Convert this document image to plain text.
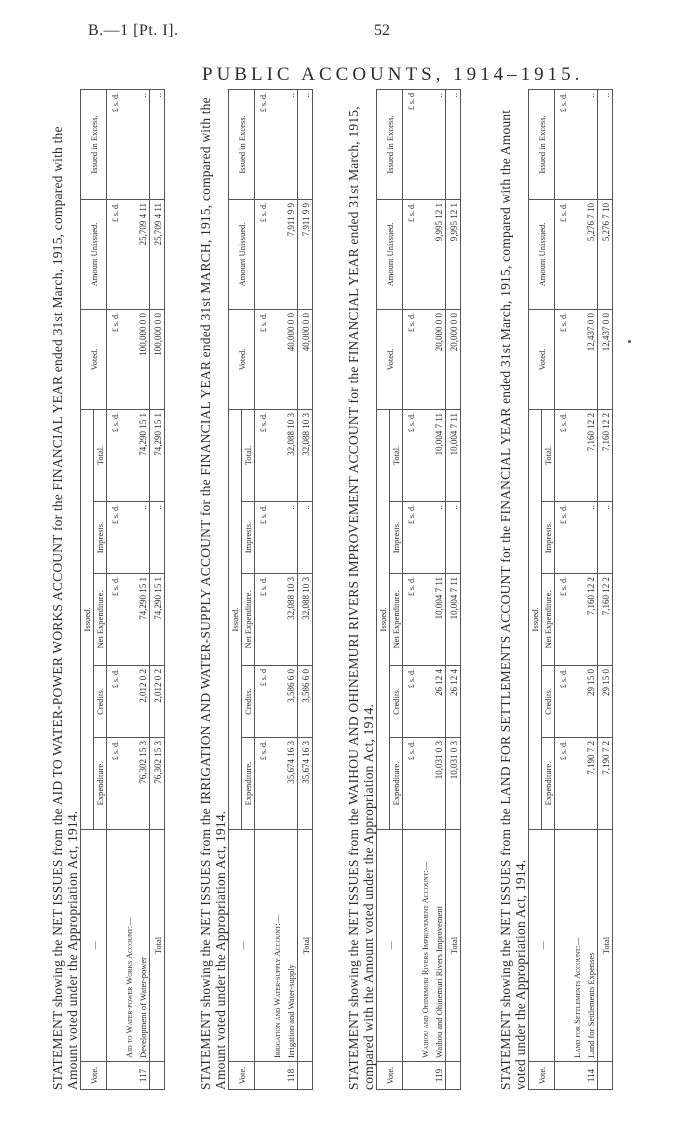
B.—1 [Pt. I].	52
PUBLIC ACCOUNTS, 1914–1915.
STATEMENT showing the NET ISSUES from the AID TO WATER-POWER WORKS ACCOUNT for the FINANCIAL YEAR ended 31st March, 1915, compared with the Amount voted under the Appropriation Act, 1914. Vote.	—	Issued.					Voted.	Amount Unissued.	Issued in Excess.
		Expenditure.	Credits.	Net Expenditure.	Imprests.	Total.			
		£ s. d.	£ s. d.	£ s. d.	£ s. d.	£ s. d.	£ s. d.	£ s. d.	£ s. d.
	Aid to Water-power Works Account:—								
117	Development of Water-power	76,302 15 3	2,012 0 2	74,290 15 1	..	74,290 15 1	100,000 0 0	25,709 4 11	..
	Total	76,302 15 3	2,012 0 2	74,290 15 1	..	74,290 15 1	100,000 0 0	25,709 4 11	..
STATEMENT showing the NET ISSUES from the IRRIGATION AND WATER-SUPPLY ACCOUNT for the FINANCIAL YEAR ended 31st MARCH, 1915, compared with the Amount voted under the Appropriation Act, 1914. Vote.	—	Issued.					Voted.	Amount Unissued.	Issued in Excess.
		Expenditure.	Credits.	Net Expenditure.	Imprests.	Total.			
		£ s. d.	£ s. d	£ s. d.	£ s. d.	£ s. d.	£ s. d.	£ s. d.	£ s. d.
	Irrigation and Water-supply Account:—								
118	Irrigation and Water-supply	35,674 16 3	3,586 6 0	32,088 10 3	..	32,088 10 3	40,000 0 0	7,911 9 9	..
	Total	35,674 16 3	3,586 6 0	32,088 10 3	..	32,088 10 3	40,000 0 0	7,911 9 9	..
STATEMENT showing the NET ISSUES from the WAIHOU AND OHINEMURI RIVERS IMPROVEMENT ACCOUNT for the FINANCIAL YEAR ended 31st March, 1915, compared with the Amount voted under the Appropriation Act, 1914. Vote.	—	Issued.					Voted.	Amount Unissued.	Issued in Excess.
		Expenditure.	Credits.	Net Expenditure.	Imprests.	Total.			
		£ s. d.	£ s. d.	£ s. d.	£ s. d.	£ s. d.	£ s. d.	£ s. d.	£ s. d
	Waihou and Ohinemuri Rivers Improvement Account:—								
119	Waihou and Ohinemuri Rivers Improvement	10,031 0 3	26 12 4	10,004 7 11	..	10,004 7 11	20,000 0 0	9,995 12 1	..
	Total	10,031 0 3	26 12 4	10,004 7 11	..	10,004 7 11	20,000 0 0	9,995 12 1	..
STATEMENT showing the NET ISSUES from the LAND FOR SETTLEMENTS ACCOUNT for the FINANCIAL YEAR ended 31st March, 1915, compared with the Amount voted under the Appropriation Act, 1914. Vote.	—	Issued.					Voted.	Amount Unissued.	Issued in Excess.
		Expenditure.	Credits.	Net Expenditure.	Imprests.	Total.			
		£ s. d.	£ s. d.	£ s. d.	£ s. d.	£ s. d.	£ s. d.	£ s. d.	£ s. d.
	Land for Settlements Account:—								
114	Land for Settlements Expenses	7,190 7 2	29 15 0	7,160 12 2	..	7,160 12 2	12,437 0 0	5,276 7 10	..
	Total	7,190 7 2	29 15 0	7,160 12 2	..	7,160 12 2	12,437 0 0	5,276 7 10	..
